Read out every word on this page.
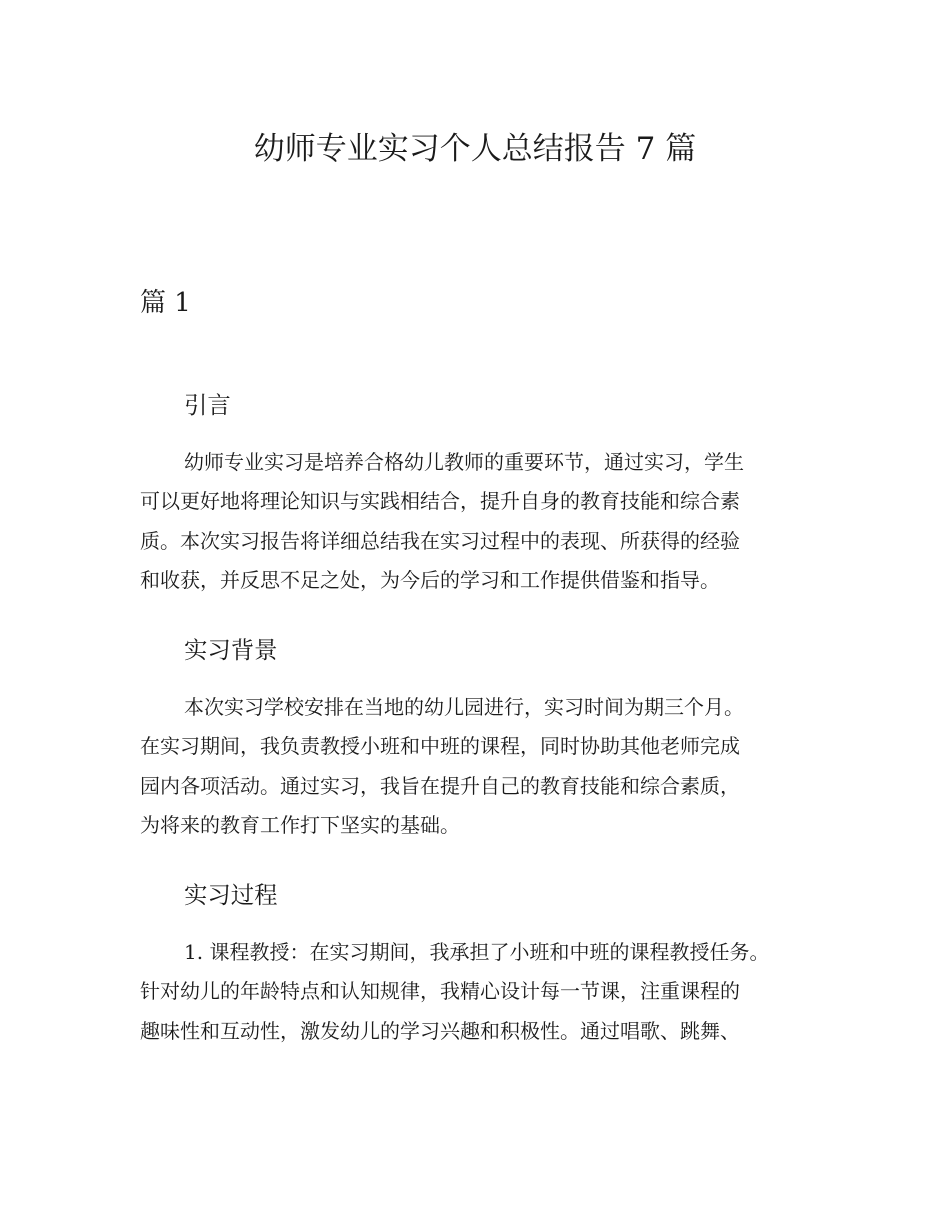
幼师专业实习个人总结报告 7 篇
篇 1
引言

幼师专业实习是培养合格幼儿教师的重要环节，通过实习，学生
可以更好地将理论知识与实践相结合，提升自身的教育技能和综合素
质。本次实习报告将详细总结我在实习过程中的表现、所获得的经验
和收获，并反思不足之处，为今后的学习和工作提供借鉴和指导。

实习背景

本次实习学校安排在当地的幼儿园进行，实习时间为期三个月。
在实习期间，我负责教授小班和中班的课程，同时协助其他老师完成
园内各项活动。通过实习，我旨在提升自己的教育技能和综合素质，
为将来的教育工作打下坚实的基础。

实习过程

1. 课程教授：在实习期间，我承担了小班和中班的课程教授任务。
针对幼儿的年龄特点和认知规律，我精心设计每一节课，注重课程的
趣味性和互动性，激发幼儿的学习兴趣和积极性。通过唱歌、跳舞、
